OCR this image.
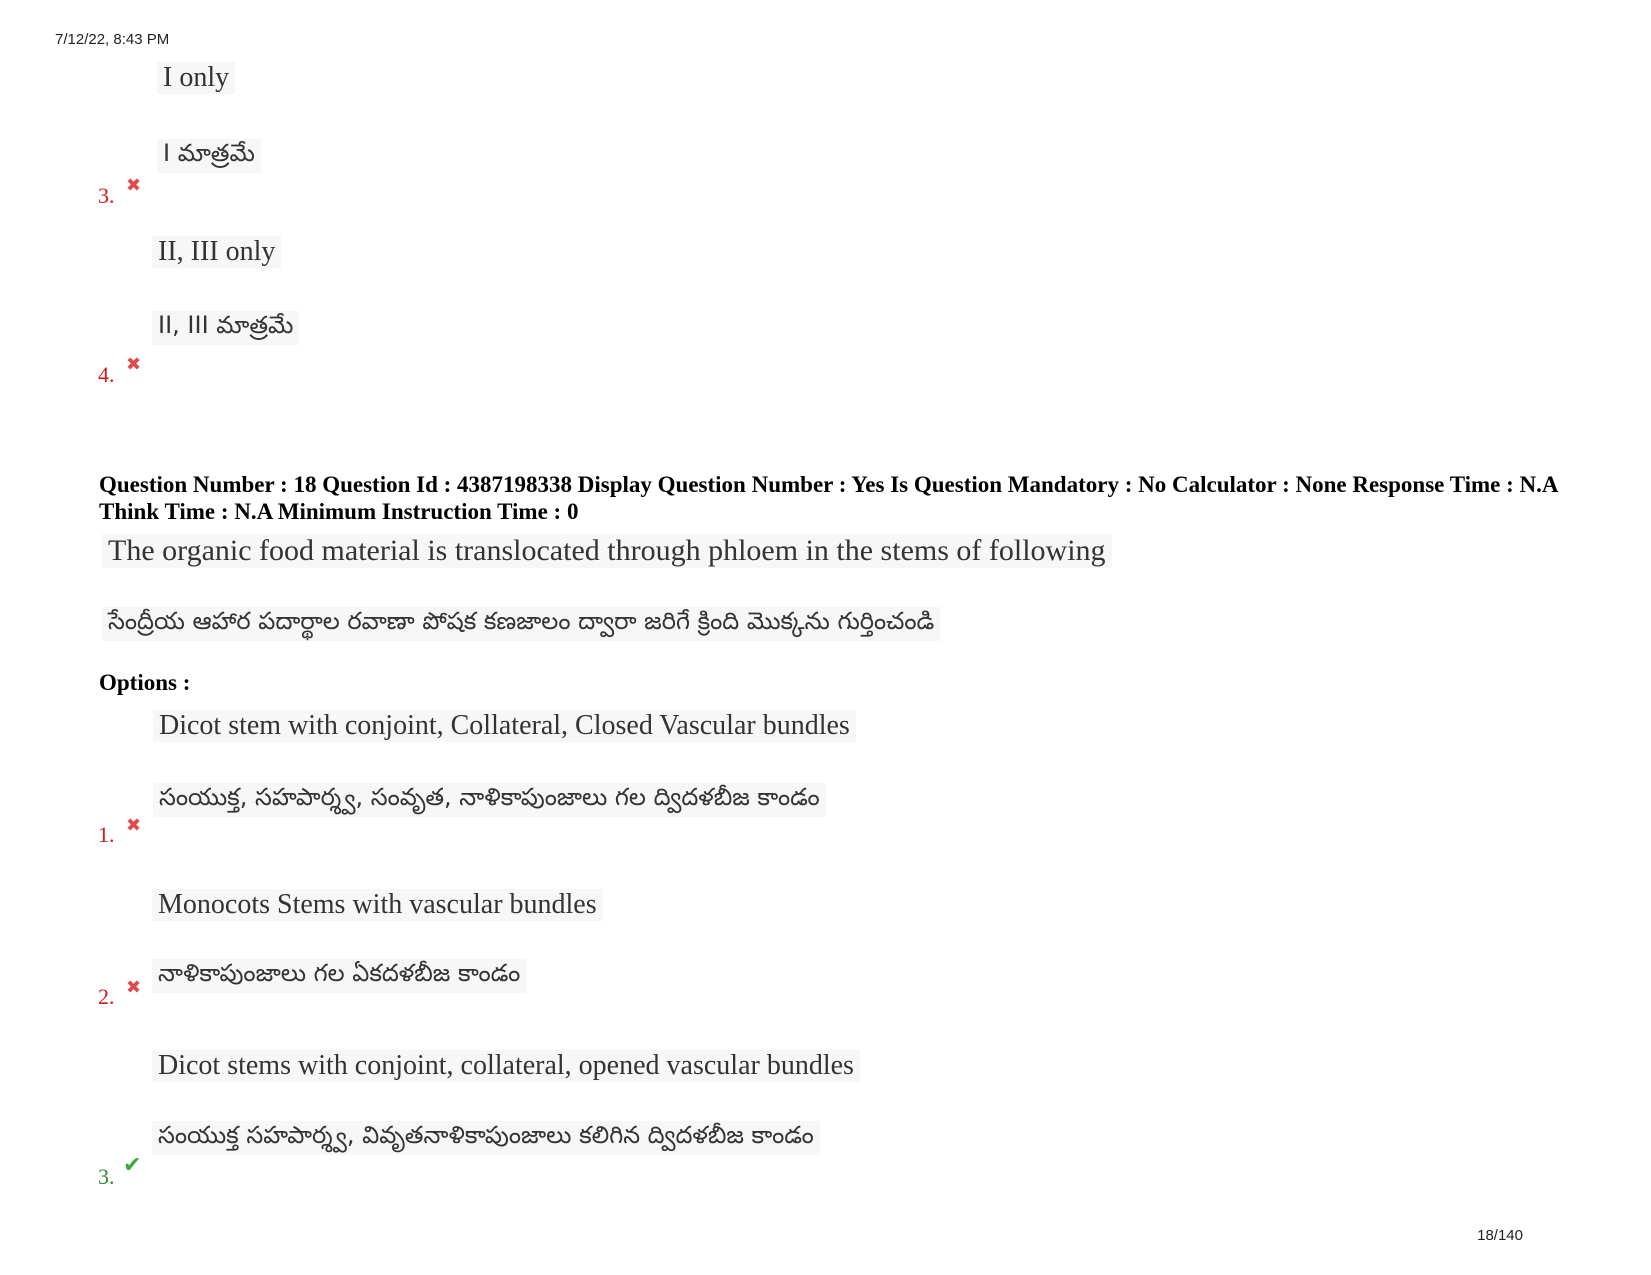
7/12/22, 8:43 PM
I only
I మాత్రమే
3. ✖
II, III only
II, III మాత్రమే
4. ✖
Question Number : 18 Question Id : 4387198338 Display Question Number : Yes Is Question Mandatory : No Calculator : None Response Time : N.A Think Time : N.A Minimum Instruction Time : 0
The organic food material is translocated through phloem in the stems of following
సేంద్రీయ ఆహార పదార్థాల రవాణా పోషక కణజాలం ద్వారా జరిగే క్రింది మొక్కను గుర్తించండి
Options :
Dicot stem with conjoint, Collateral, Closed Vascular bundles
సంయుక్త, సహపార్శ్వ, సంవృత, నాళికాపుంజాలు గల ద్విదళబీజ కాండం
1. ✖
Monocots Stems with vascular bundles
నాళికాపుంజాలు గల ఏకదళబీజ కాండం
2. ✖
Dicot stems with conjoint, collateral, opened vascular bundles
సంయుక్త సహపార్శ్వ, వివృతనాళికాపుంజాలు కలిగిన ద్విదళబీజ కాండం
3. ✔
18/140
